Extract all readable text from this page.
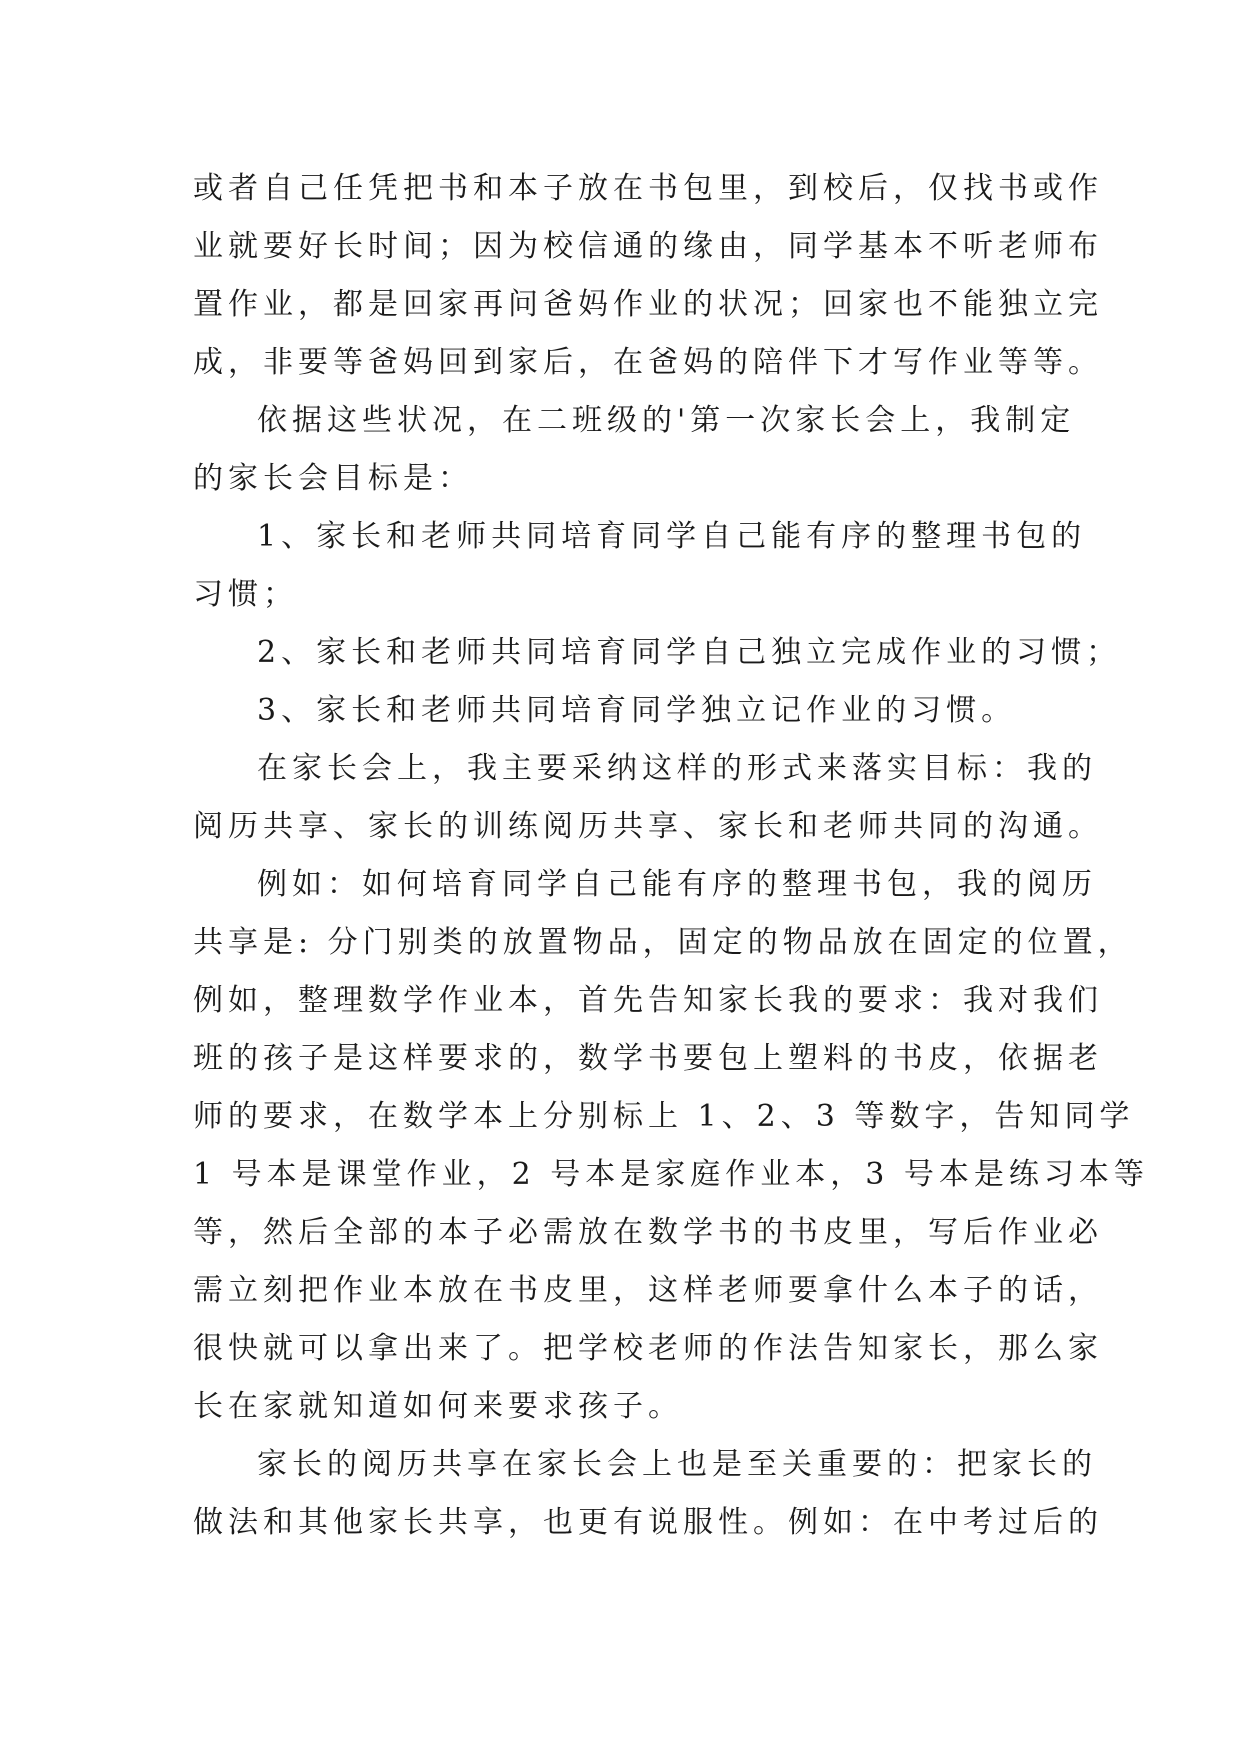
或者自己任凭把书和本子放在书包里，到校后，仅找书或作
业就要好长时间；因为校信通的缘由，同学基本不听老师布
置作业，都是回家再问爸妈作业的状况；回家也不能独立完
成，非要等爸妈回到家后，在爸妈的陪伴下才写作业等等。
依据这些状况，在二班级的'第一次家长会上，我制定
的家长会目标是：
1、家长和老师共同培育同学自己能有序的整理书包的
习惯；
2、家长和老师共同培育同学自己独立完成作业的习惯；
3、家长和老师共同培育同学独立记作业的习惯。
在家长会上，我主要采纳这样的形式来落实目标：我的
阅历共享、家长的训练阅历共享、家长和老师共同的沟通。
例如：如何培育同学自己能有序的整理书包，我的阅历
共享是: 分门别类的放置物品，固定的物品放在固定的位置，
例如，整理数学作业本，首先告知家长我的要求：我对我们
班的孩子是这样要求的，数学书要包上塑料的书皮，依据老
师的要求，在数学本上分别标上 1、2、3 等数字，告知同学
1 号本是课堂作业，2 号本是家庭作业本，3 号本是练习本等
等，然后全部的本子必需放在数学书的书皮里，写后作业必
需立刻把作业本放在书皮里，这样老师要拿什么本子的话，
很快就可以拿出来了。把学校老师的作法告知家长，那么家
长在家就知道如何来要求孩子。
家长的阅历共享在家长会上也是至关重要的：把家长的
做法和其他家长共享，也更有说服性。例如：在中考过后的
